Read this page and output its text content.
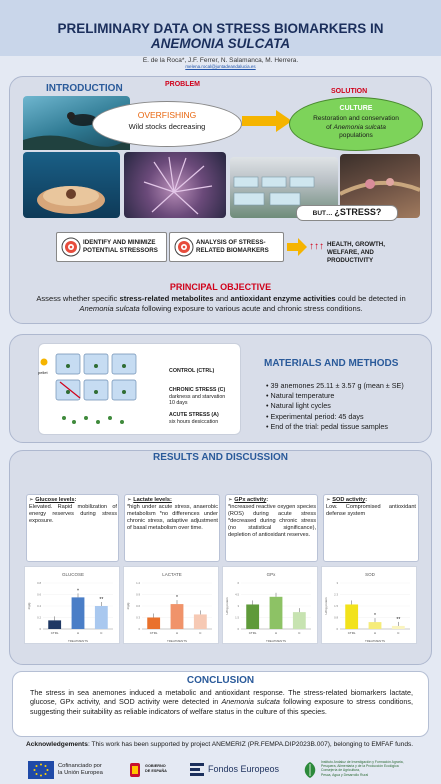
PRELIMINARY DATA ON STRESS BIOMARKERS IN
ANEMONIA SULCATA
E. de la Roca*, J.F. Ferrer, N. Salamanca, M. Herrera.
melena.rocal@juntadeandalucia.es
INTRODUCTION	PROBLEM
SOLUTION
OVERFISHING
Wild stocks decreasing
CULTURE
Restoration and conservation
of Anemonia sulcata
populations
BUT… ¿STRESS?
IDENTIFY AND MINIMIZE POTENTIAL STRESSORS
ANALYSIS OF STRESS-RELATED BIOMARKERS	↑↑↑ HEALTH, GROWTH, WELFARE, AND PRODUCTIVITY
PRINCIPAL OBJECTIVE
Assess whether specific stress-related metabolites and antioxidant enzyme activities could be detected in Anemonia sulcata following exposure to various acute and chronic stress conditions.
pellet	CONTROL (CTRL)
CHRONIC STRESS (C)
darkness and starvation
10 days
ACUTE STRESS (A)
six hours desiccation
MATERIALS AND METHODS
• 39 anemones 25.11 ± 3.57 g (mean ± SE)
• Natural temperature
• Natural light cycles
• Experimental period: 45 days
• End of the trial: pedal tissue samples
RESULTS AND DISCUSSION
➢ Glucose levels:
Elevated. Rapid mobilization of energy reserves during stress exposure.
➢ Lactate levels:
*high under acute stress, anaerobic metabolism *no differences under chronic stress, adaptive adjustment of basal metabolism over time.
➢ GPx activity:
*increased reactive oxygen species (ROS) during acute stress *decreased during chronic stress (no statistical significance), depletion of antioxidant reserves.
➢ SOD activity:
Low. Compromised antioxidant defense system
GLUCOSE
mg/g
0
0.2
0.4
0.6
0.8
CTRL	A
*
C
**
TREATMENTS
LACTATE
mg/g
0
0.3
0.6
0.9
1.2
CTRL	A
*
C
TREATMENTS
GPx
U/mg protein
0
1.5
3
4.5
6
CTRL	A	C
TREATMENTS
SOD
U/mg protein
0
0.8
1.5
2.3
3
CTRL	A
*
C
**
TREATMENTS
CONCLUSION
The stress in sea anemones induced a metabolic and antioxidant response. The stress-related biomarkers lactate, glucose, GPx activity, and SOD activity were detected in Anemonia sulcata following exposure to stress conditions, suggesting their suitability as reliable indicators of welfare status in the culture of this species.
Acknowledgements: This work has been supported by project ANEMERIZ (PR.FEMPA.DIP2023B.007), belonging to EMFAF funds.
Cofinanciado por
la Unión Europea
GOBIERNO
DE ESPAÑA	Fondos Europeos
Instituto Andaluz de Investigación y Formación Agraria,
Pesquera, Alimentaria y de la Producción Ecológica
Consejería de Agricultura,
Pesca, Agua y Desarrollo Rural
